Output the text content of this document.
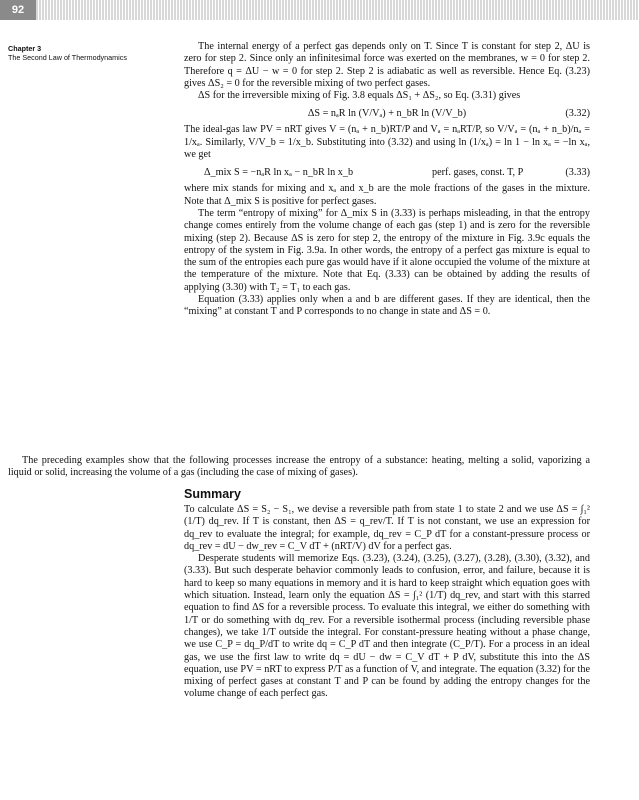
92
Chapter 3
The Second Law of Thermodynamics

The internal energy of a perfect gas depends only on T. Since T is constant for step 2, ΔU is zero for step 2. Since only an infinitesimal force was exerted on the membranes, w = 0 for step 2. Therefore q = ΔU − w = 0 for step 2. Step 2 is adiabatic as well as reversible. Hence Eq. (3.23) gives ΔS₂ = 0 for the reversible mixing of two perfect gases.

ΔS for the irreversible mixing of Fig. 3.8 equals ΔS₁ + ΔS₂, so Eq. (3.31) gives

ΔS = nₐR ln (V/Vₐ) + n_bR ln (V/V_b)	(3.32)

The ideal-gas law PV = nRT gives V = (nₐ + n_b)RT/P and Vₐ = nₐRT/P, so V/Vₐ = (nₐ + n_b)/nₐ = 1/xₐ. Similarly, V/V_b = 1/x_b. Substituting into (3.32) and using ln (1/xₐ) = ln 1 − ln xₐ = −ln xₐ, we get

Δ_mix S = −nₐR ln xₐ − n_bR ln x_b	perf. gases, const. T, P	(3.33)

where mix stands for mixing and xₐ and x_b are the mole fractions of the gases in the mixture. Note that Δ_mix S is positive for perfect gases.

The term “entropy of mixing” for Δ_mix S in (3.33) is perhaps misleading, in that the entropy change comes entirely from the volume change of each gas (step 1) and is zero for the reversible mixing (step 2). Because ΔS is zero for step 2, the entropy of the mixture in Fig. 3.9c equals the entropy of the system in Fig. 3.9a. In other words, the entropy of a perfect gas mixture is equal to the sum of the entropies each pure gas would have if it alone occupied the volume of the mixture at the temperature of the mixture. Note that Eq. (3.33) can be obtained by adding the results of applying (3.30) with T₂ = T₁ to each gas.

Equation (3.33) applies only when a and b are different gases. If they are identical, then the “mixing” at constant T and P corresponds to no change in state and ΔS = 0.

The preceding examples show that the following processes increase the entropy of a substance: heating, melting a solid, vaporizing a liquid or solid, increasing the volume of a gas (including the case of mixing of gases).

Summary

To calculate ΔS = S₂ − S₁, we devise a reversible path from state 1 to state 2 and we use ΔS = ∫₁² (1/T) dq_rev. If T is constant, then ΔS = q_rev/T. If T is not constant, we use an expression for dq_rev to evaluate the integral; for example, dq_rev = C_P dT for a constant-pressure process or dq_rev = dU − dw_rev = C_V dT + (nRT/V) dV for a perfect gas.

Desperate students will memorize Eqs. (3.23), (3.24), (3.25), (3.27), (3.28), (3.30), (3.32), and (3.33). But such desperate behavior commonly leads to confusion, error, and failure, because it is hard to keep so many equations in memory and it is hard to keep straight which equation goes with which situation. Instead, learn only the equation ΔS = ∫₁² (1/T) dq_rev, and start with this starred equation to find ΔS for a reversible process. To evaluate this integral, we either do something with 1/T or do something with dq_rev. For a reversible isothermal process (including reversible phase changes), we take 1/T outside the integral. For constant-pressure heating without a phase change, we use C_P = dq_P/dT to write dq = C_P dT and then integrate (C_P/T). For a process in an ideal gas, we use the first law to write dq = dU − dw = C_V dT + P dV, substitute this into the ΔS equation, use PV = nRT to express P/T as a function of V, and integrate. The equation (3.32) for the mixing of perfect gases at constant T and P can be found by adding the entropy changes for the volume change of each perfect gas.
